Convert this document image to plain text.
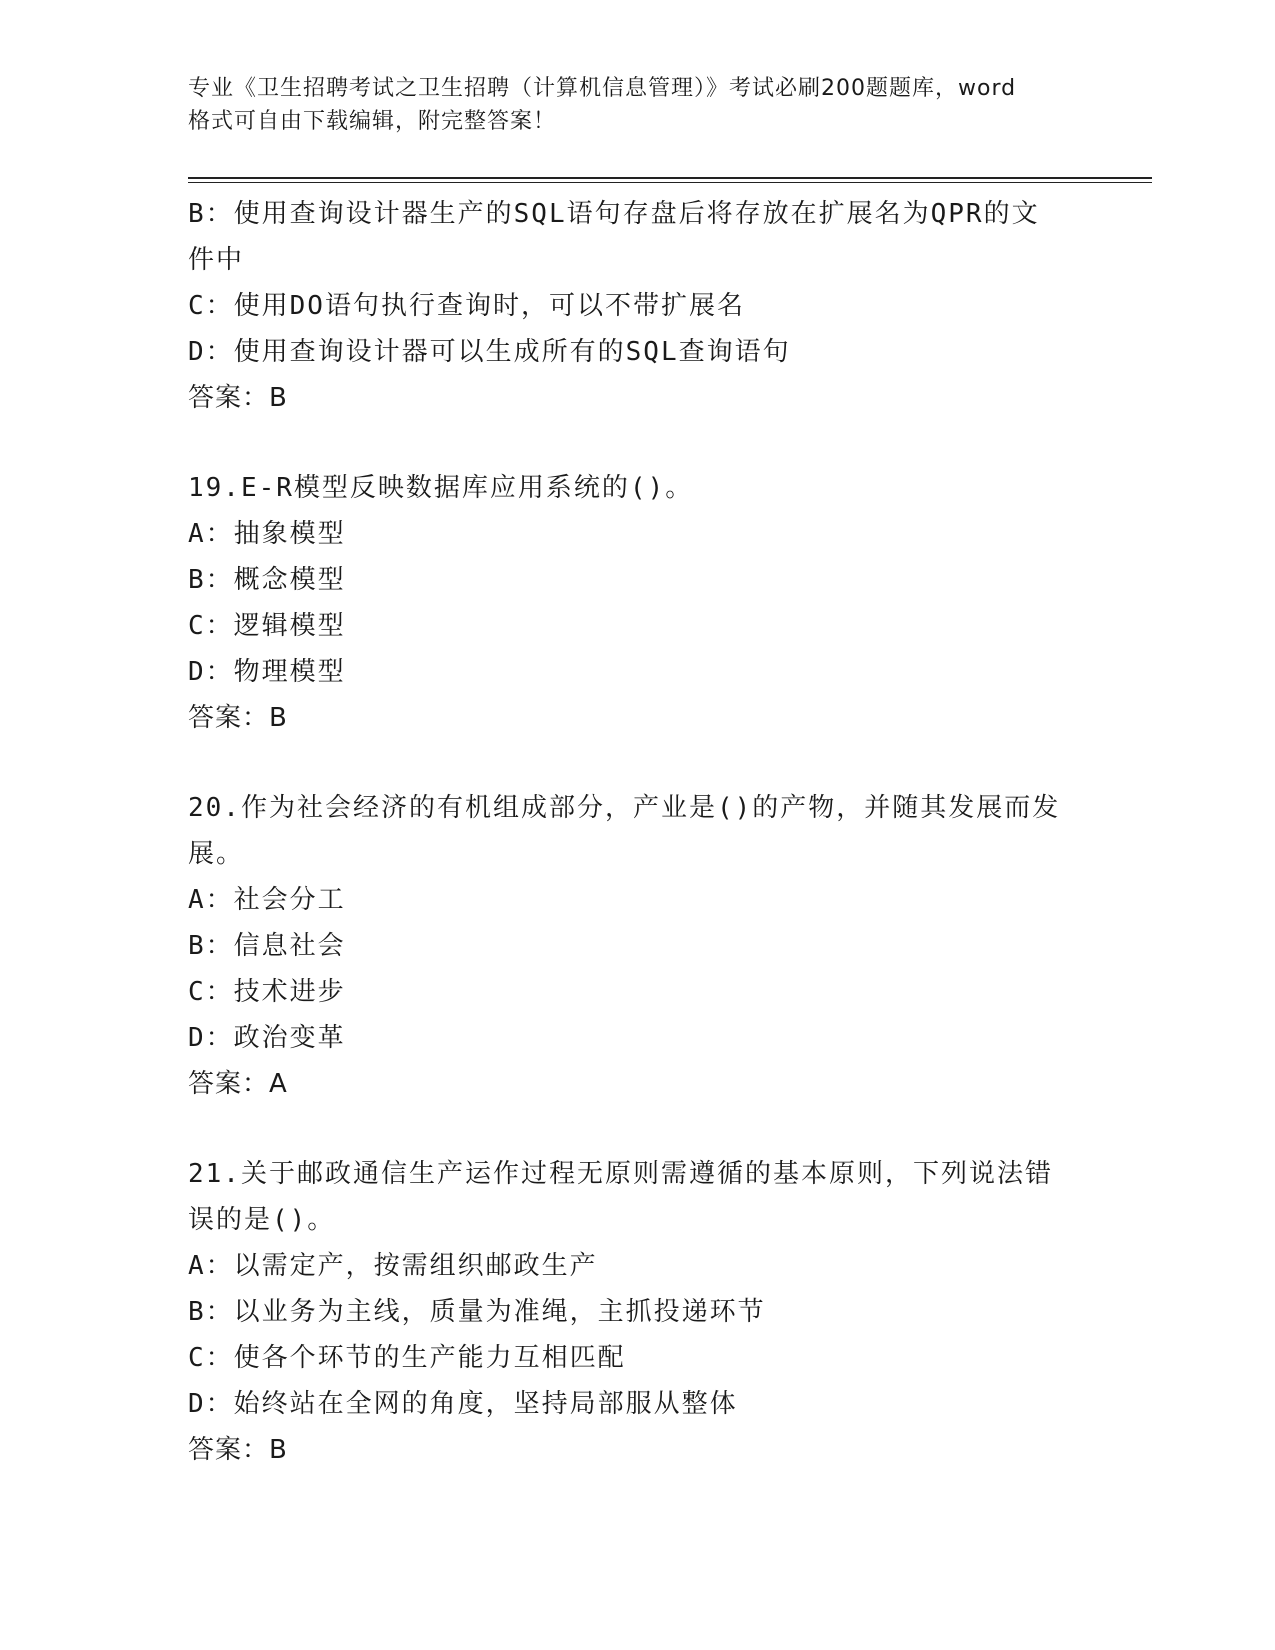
专业《卫生招聘考试之卫生招聘（计算机信息管理）》考试必刷200题题库，word
格式可自由下载编辑，附完整答案！
B：使用查询设计器生产的SQL语句存盘后将存放在扩展名为QPR的文
件中
C：使用DO语句执行查询时，可以不带扩展名
D：使用查询设计器可以生成所有的SQL查询语句
答案：B
19.E-R模型反映数据库应用系统的()。
A：抽象模型
B：概念模型
C：逻辑模型
D：物理模型
答案：B
20.作为社会经济的有机组成部分，产业是()的产物，并随其发展而发
展。
A：社会分工
B：信息社会
C：技术进步
D：政治变革
答案：A
21.关于邮政通信生产运作过程无原则需遵循的基本原则，下列说法错
误的是()。
A：以需定产，按需组织邮政生产
B：以业务为主线，质量为准绳，主抓投递环节
C：使各个环节的生产能力互相匹配
D：始终站在全网的角度，坚持局部服从整体
答案：B
